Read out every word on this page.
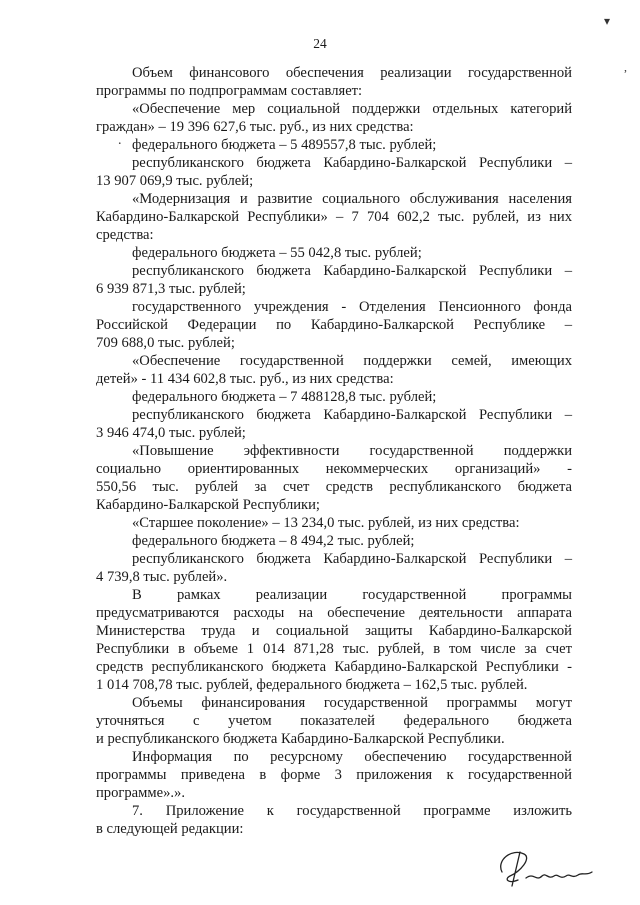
24
▾
,
.
Объем финансового обеспечения реализации государственной
программы по подпрограммам составляет:
«Обеспечение мер социальной поддержки отдельных категорий
граждан» – 19 396 627,6 тыс. руб., из них средства:
федерального бюджета – 5 489557,8 тыс. рублей;
республиканского бюджета Кабардино-Балкарской Республики –
13 907 069,9 тыс. рублей;
«Модернизация и развитие социального обслуживания населения
Кабардино-Балкарской Республики» – 7 704 602,2 тыс. рублей, из них
средства:
федерального бюджета – 55 042,8 тыс. рублей;
республиканского бюджета Кабардино-Балкарской Республики –
6 939 871,3 тыс. рублей;
государственного учреждения - Отделения Пенсионного фонда
Российской Федерации по Кабардино-Балкарской Республике –
709 688,0 тыс. рублей;
«Обеспечение государственной поддержки семей, имеющих
детей» - 11 434 602,8 тыс. руб., из них средства:
федерального бюджета – 7 488128,8 тыс. рублей;
республиканского бюджета Кабардино-Балкарской Республики –
3 946 474,0 тыс. рублей;
«Повышение эффективности государственной поддержки
социально ориентированных некоммерческих организаций» -
550,56 тыс. рублей за счет средств республиканского бюджета
Кабардино-Балкарской Республики;
«Старшее поколение» – 13 234,0 тыс. рублей, из них средства:
федерального бюджета – 8 494,2 тыс. рублей;
республиканского бюджета Кабардино-Балкарской Республики –
4 739,8 тыс. рублей».
В рамках реализации государственной программы
предусматриваются расходы на обеспечение деятельности аппарата
Министерства труда и социальной защиты Кабардино-Балкарской
Республики в объеме 1 014 871,28 тыс. рублей, в том числе за счет
средств республиканского бюджета Кабардино-Балкарской Республики -
1 014 708,78 тыс. рублей, федерального бюджета – 162,5 тыс. рублей.
Объемы финансирования государственной программы могут
уточняться с учетом показателей федерального бюджета
и республиканского бюджета Кабардино-Балкарской Республики.
Информация по ресурсному обеспечению государственной
программы приведена в форме 3 приложения к государственной
программе».».
7. Приложение к государственной программе изложить
в следующей редакции:
